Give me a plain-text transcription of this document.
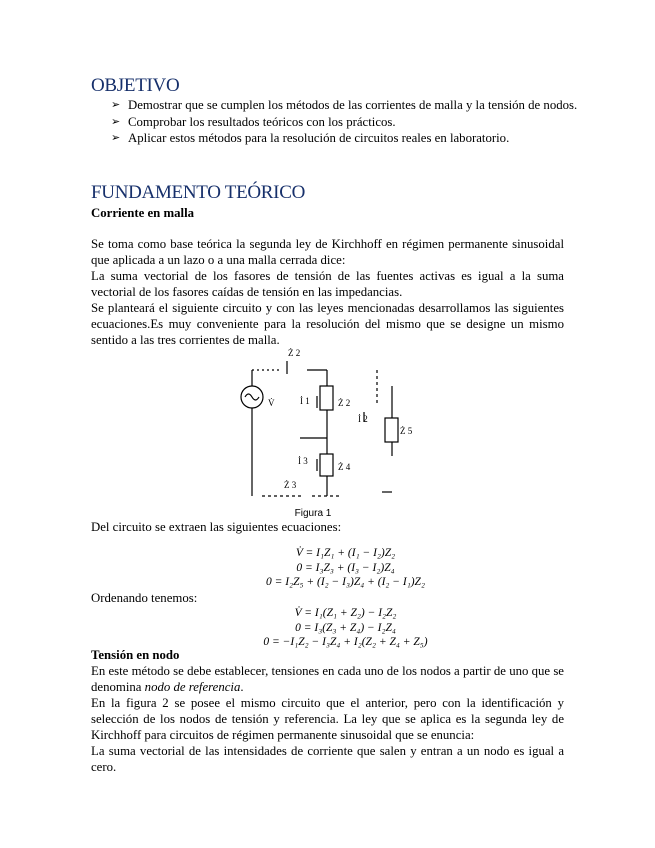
OBJETIVO
➢ Demostrar que se cumplen los métodos de las corrientes de malla y la tensión de nodos.
➢ Comprobar los resultados teóricos con los prácticos.
➢ Aplicar estos métodos para la resolución de circuitos reales en laboratorio.
FUNDAMENTO TEÓRICO
Corriente en malla

Se toma como base teórica la segunda ley de Kirchhoff en régimen permanente sinusoidal que aplicada a un lazo o a una malla cerrada dice:

La suma vectorial de los fasores de tensión de las fuentes activas es igual a la suma vectorial de los fasores caídas de tensión en las impedancias.

Se planteará el siguiente circuito y con las leyes mencionadas desarrollamos las siguientes ecuaciones.Es muy conveniente para la resolución del mismo que se designe un mismo sentido a las tres corrientes de malla.

Ż 2
V̇	İ 1	Ż 2
İ 2
Ż 5
İ 3
Ż 4
Ż 3
Figura 1
Del circuito se extraen las siguientes ecuaciones:
V̇ = I₁Z₁ + (I₁ − I₂)Z₂
0 = I₃Z₃ + (I₃ − I₂)Z₄
0 = I₂Z₅ + (I₂ − I₃)Z₄ + (I₂ − I₁)Z₂
Ordenando tenemos:
V̇ = I₁(Z₁ + Z₂) − I₂Z₂
0 = I₃(Z₃ + Z₄) − I₂Z₄
0 = −I₁Z₂ − I₃Z₄ + I₂(Z₂ + Z₄ + Z₅)
Tensión en nodo

En este método se debe establecer, tensiones en cada uno de los nodos a partir de uno que se denomina nodo de referencia.

En la figura 2 se posee el mismo circuito que el anterior, pero con la identificación y selección de los nodos de tensión y referencia. La ley que se aplica es la segunda ley de Kirchhoff para circuitos de régimen permanente sinusoidal que se enuncia:

La suma vectorial de las intensidades de corriente que salen y entran a un nodo es igual a cero.
